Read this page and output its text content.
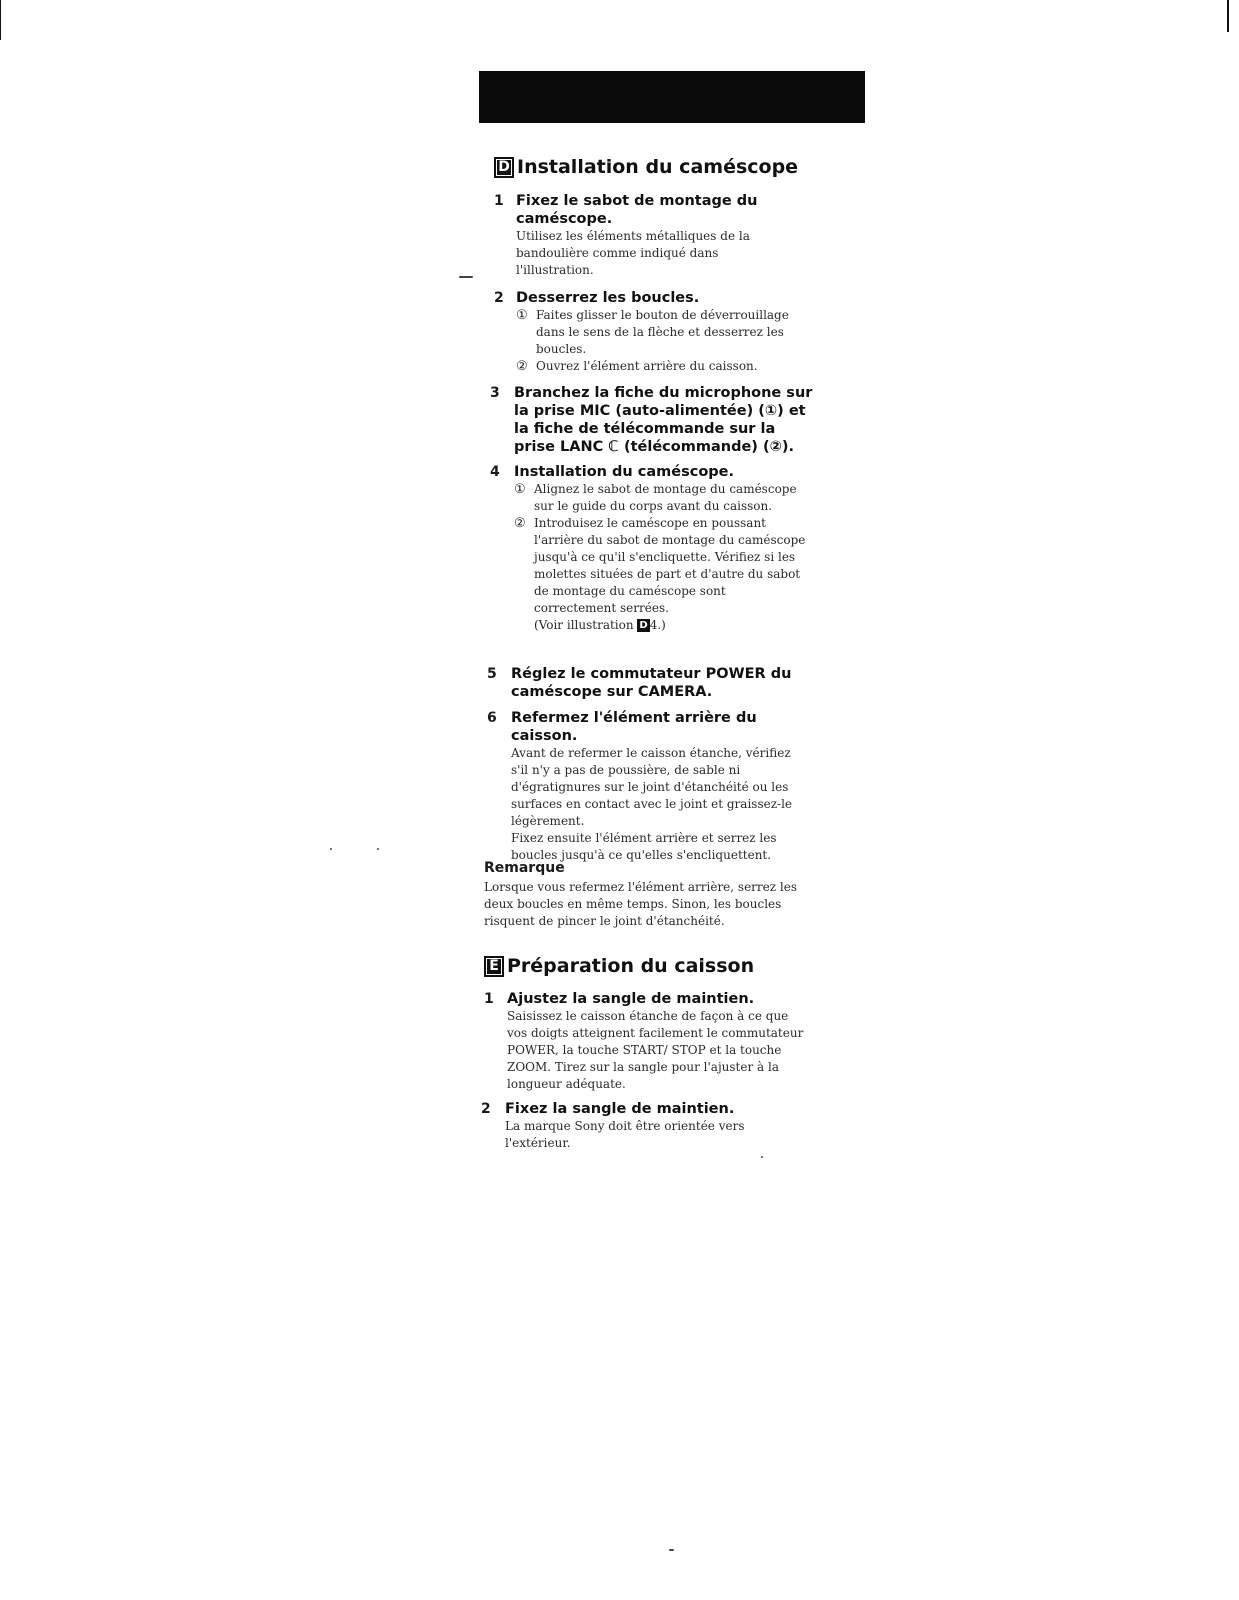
D Installation du caméscope
1 Fixez le sabot de montage du caméscope.

Utilisez les éléments métalliques de la bandoulière comme indiqué dans l'illustration.

2 Desserrez les boucles.

① Faites glisser le bouton de déverrouillage dans le sens de la flèche et desserrez les boucles.

② Ouvrez l'élément arrière du caisson.

3 Branchez la fiche du microphone sur la prise MIC (auto-alimentée) (①) et la fiche de télécommande sur la prise LANC ℂ (télécommande) (②).

4 Installation du caméscope.

① Alignez le sabot de montage du caméscope sur le guide du corps avant du caisson.

② Introduisez le caméscope en poussant l'arrière du sabot de montage du caméscope jusqu'à ce qu'il s'encliquette. Vérifiez si les molettes situées de part et d'autre du sabot de montage du caméscope sont correctement serrées.

(Voir illustration D 4.)

5 Réglez le commutateur POWER du caméscope sur CAMERA.

6 Refermez l'élément arrière du caisson.

Avant de refermer le caisson étanche, vérifiez s'il n'y a pas de poussière, de sable ni d'égratignures sur le joint d'étanchéité ou les surfaces en contact avec le joint et graissez-le légèrement.

Fixez ensuite l'élément arrière et serrez les boucles jusqu'à ce qu'elles s'encliquettent.

Remarque

Lorsque vous refermez l'élément arrière, serrez les deux boucles en même temps. Sinon, les boucles risquent de pincer le joint d'étanchéité.

E Préparation du caisson
1 Ajustez la sangle de maintien.

Saisissez le caisson étanche de façon à ce que vos doigts atteignent facilement le commutateur POWER, la touche START/ STOP et la touche ZOOM. Tirez sur la sangle pour l'ajuster à la longueur adéquate.

2 Fixez la sangle de maintien.

La marque Sony doit être orientée vers l'extérieur.
